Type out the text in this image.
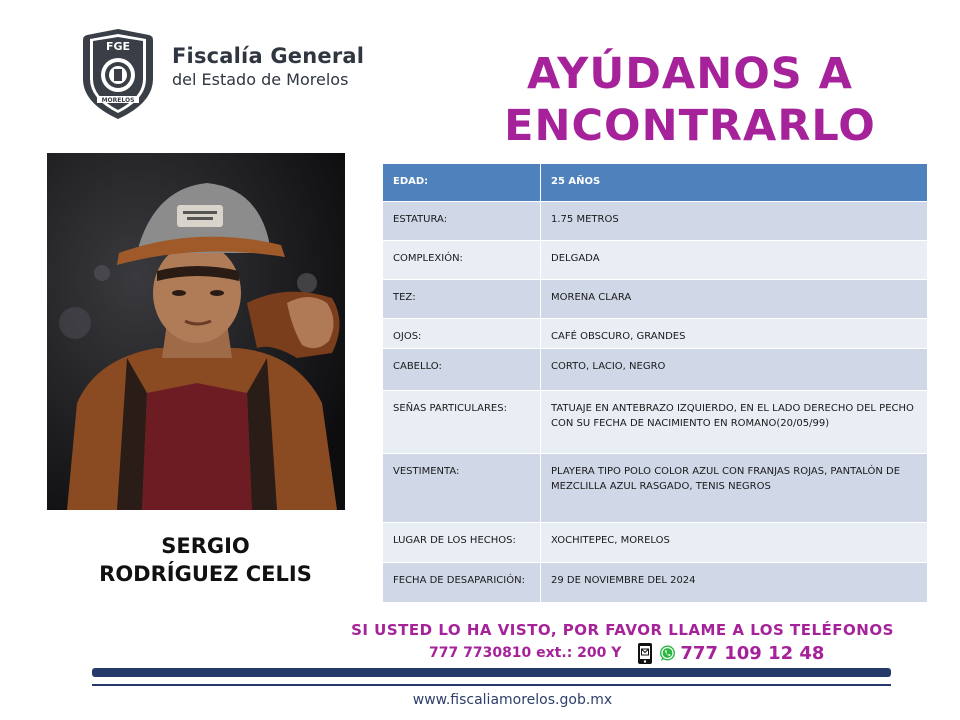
FGE
MORELOS
Fiscalía General
del Estado de Morelos	AYÚDANOS A
ENCONTRARLO
SERGIO
RODRÍGUEZ CELIS
EDAD:	25 AÑOS
ESTATURA:	1.75 METROS
COMPLEXIÓN:	DELGADA
TEZ:	MORENA CLARA
OJOS:	CAFÉ OBSCURO, GRANDES
CABELLO:	CORTO, LACIO, NEGRO
SEÑAS PARTICULARES:	TATUAJE EN ANTEBRAZO IZQUIERDO, EN EL LADO DERECHO DEL PECHO CON SU FECHA DE NACIMIENTO EN ROMANO(20/05/99)
VESTIMENTA:	PLAYERA TIPO POLO COLOR AZUL CON FRANJAS ROJAS, PANTALÓN DE MEZCLILLA AZUL RASGADO, TENIS NEGROS
LUGAR DE LOS HECHOS:	XOCHITEPEC, MORELOS
FECHA DE DESAPARICIÓN:	29 DE NOVIEMBRE DEL 2024
SI USTED LO HA VISTO, POR FAVOR LLAME A LOS TELÉFONOS
777 7730810 ext.: 200 Y	777 109 12 48
www.fiscaliamorelos.gob.mx
